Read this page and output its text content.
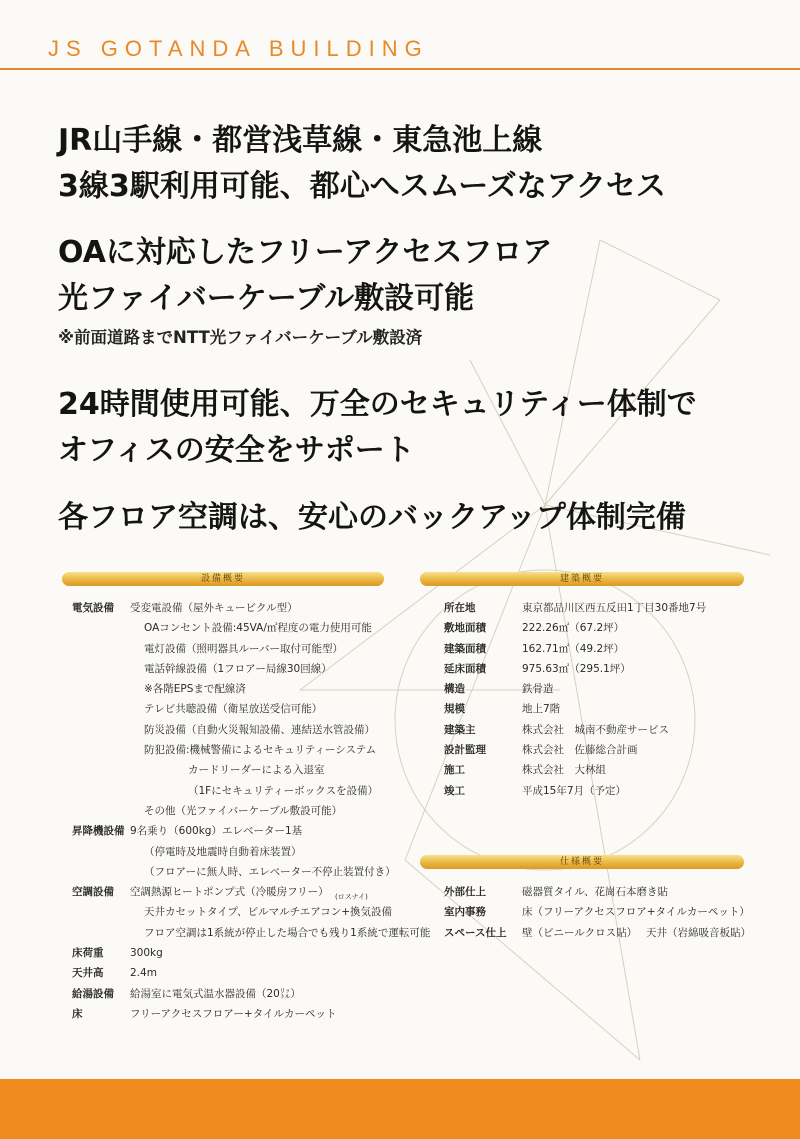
JS GOTANDA BUILDING
JR山手線・都営浅草線・東急池上線
3線3駅利用可能、都心へスムーズなアクセス
OAに対応したフリーアクセスフロア
光ファイバーケーブル敷設可能
※前面道路までNTT光ファイバーケーブル敷設済
24時間使用可能、万全のセキュリティー体制で
オフィスの安全をサポート
各フロア空調は、安心のバックアップ体制完備
設備概要	建築概要
仕様概要
電気設備	受変電設備（屋外キュービクル型）
OAコンセント設備:45VA/㎡程度の電力使用可能
電灯設備（照明器具ルーバー取付可能型）
電話幹線設備（1フロアー局線30回線）
※各階EPSまで配線済
テレビ共聴設備（衛星放送受信可能）
防災設備（自動火災報知設備、連結送水管設備）
防犯設備:機械警備によるセキュリティーシステム
カードリーダーによる入退室
（1Fにセキュリティーボックスを設備）
その他（光ファイバーケーブル敷設可能）
昇降機設備 9名乗り（600kg）エレベーター1基
（停電時及地震時自動着床装置）
（フロアーに無人時、エレベーター不停止装置付き）
空調設備	空調熱源ヒートポンプ式（冷暖房フリー）
天井カセットタイプ、ビルマルチエアコン+換気設備
(ロスナイ)
フロア空調は1系統が停止した場合でも残り1系統で運転可能
床荷重	300kg
天井高	2.4m
給湯設備	給湯室に電気式温水器設備（20㍑）
床	フリーアクセスフロアー+タイルカーペット
所在地	東京都品川区西五反田1丁目30番地7号
敷地面積	222.26㎡（67.2坪）
建築面積	162.71㎡（49.2坪）
延床面積	975.63㎡（295.1坪）
構造	鉄骨造
規模	地上7階
建築主	株式会社　城南不動産サービス
設計監理	株式会社　佐藤総合計画
施工	株式会社　大林組
竣工	平成15年7月（予定）
外部仕上	磁器質タイル、花崗石本磨き貼
室内事務	床（フリーアクセスフロア+タイルカーペット）
スペース仕上 壁（ビニールクロス貼） 天井（岩綿吸音板貼）
